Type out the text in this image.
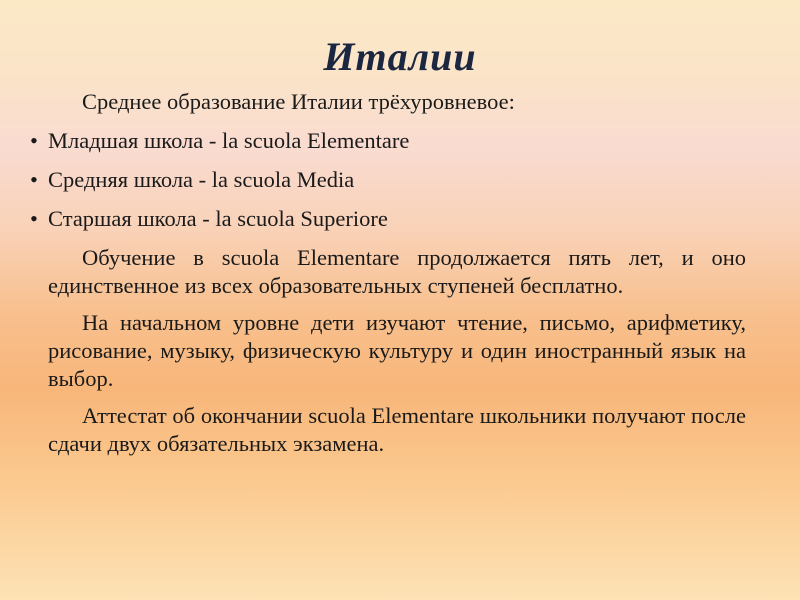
Италии

Среднее образование Италии трёхуровневое:

• Младшая школа - la scuola Elementare
• Средняя школа - la scuola Media
• Старшая школа - la scuola Superiore

Обучение в scuola Elementare продолжается пять лет, и оно единственное из всех образовательных ступеней бесплатно.

На начальном уровне дети изучают чтение, письмо, арифметику, рисование, музыку, физическую культуру и один иностранный язык на выбор.

Аттестат об окончании scuola Elementare школьники получают после сдачи двух обязательных экзамена.
